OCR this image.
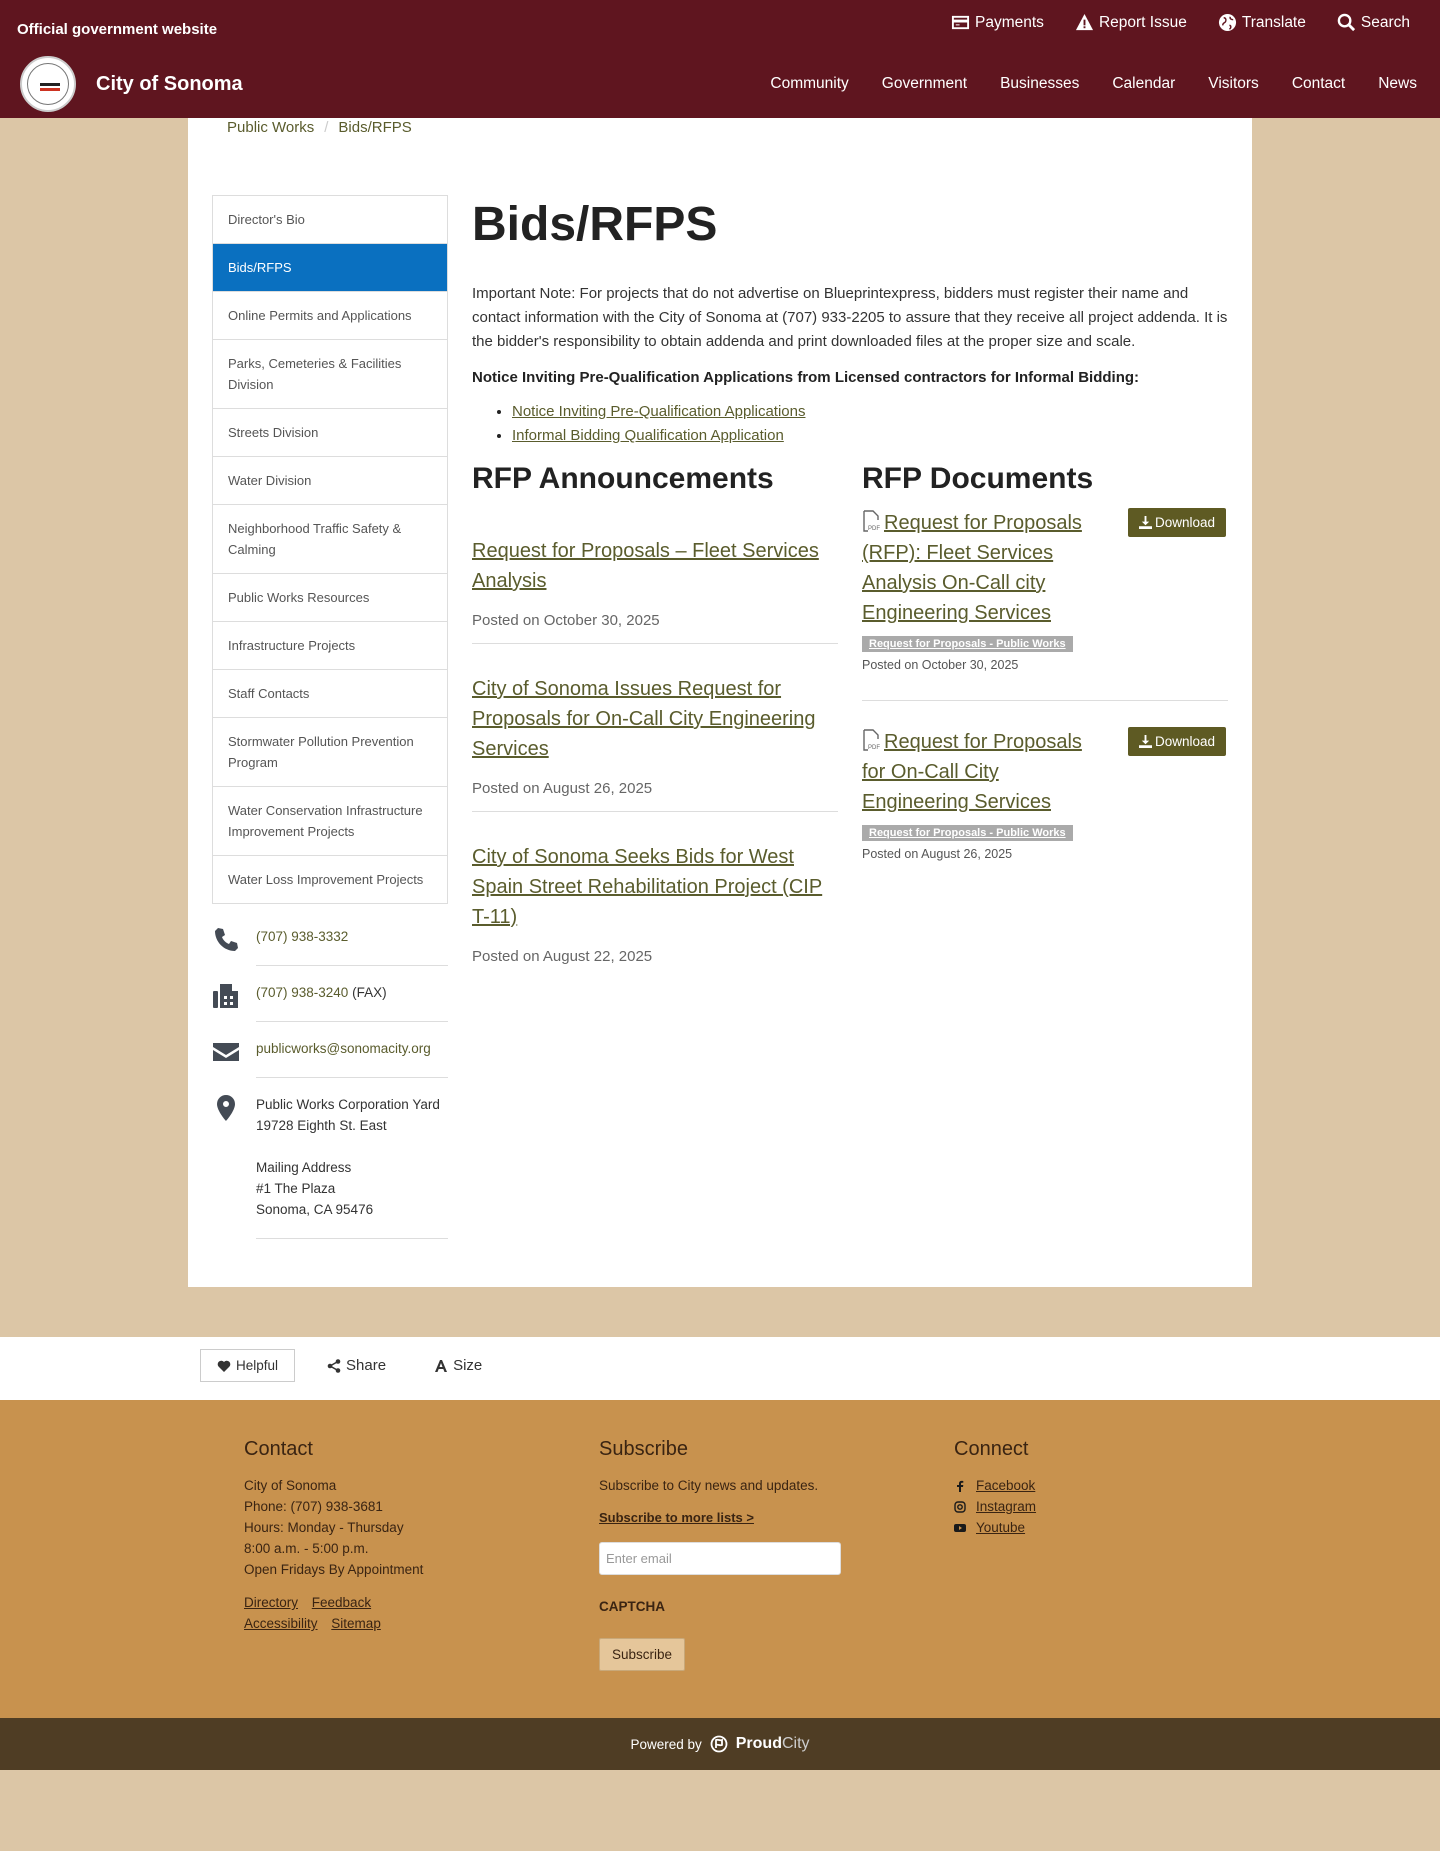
Official government website	Payments	Report Issue	Translate	Search
City of Sonoma	Community Government Businesses Calendar Visitors Contact News
Public Works / Bids/RFPS
Director's Bio
Bids/RFPS
Online Permits and Applications
Parks, Cemeteries & Facilities Division
Streets Division
Water Division
Neighborhood Traffic Safety & Calming
Public Works Resources
Infrastructure Projects
Staff Contacts
Stormwater Pollution Prevention Program
Water Conservation Infrastructure Improvement Projects
Water Loss Improvement Projects
(707) 938-3332
(707) 938-3240 (FAX)
publicworks@sonomacity.org
Public Works Corporation Yard
19728 Eighth St. East
Mailing Address
#1 The Plaza
Sonoma, CA 95476
Bids/RFPS

Important Note: For projects that do not advertise on Blueprintexpress, bidders must register their name and contact information with the City of Sonoma at (707) 933-2205 to assure that they receive all project addenda. It is the bidder's responsibility to obtain addenda and print downloaded files at the proper size and scale.

Notice Inviting Pre-Qualification Applications from Licensed contractors for Informal Bidding:

• Notice Inviting Pre-Qualification Applications
• Informal Bidding Qualification Application
RFP Announcements
Request for Proposals – Fleet Services Analysis
Posted on October 30, 2025
City of Sonoma Issues Request for Proposals for On-Call City Engineering Services
Posted on August 26, 2025
City of Sonoma Seeks Bids for West Spain Street Rehabilitation Project (CIP T-11)
Posted on August 22, 2025
RFP Documents
PDF Request for Proposals (RFP): Fleet Services Analysis On-Call city Engineering Services
Download
Request for Proposals - Public Works
Posted on October 30, 2025
PDF Request for Proposals for On-Call City Engineering Services
Download
Request for Proposals - Public Works
Posted on August 26, 2025
Helpful	Share	Size
Contact

City of Sonoma

Phone: (707) 938-3681

Hours: Monday - Thursday

8:00 a.m. - 5:00 p.m.

Open Fridays By Appointment

Directory Feedback
Accessibility Sitemap
Subscribe

Subscribe to City news and updates.

Subscribe to more lists >
Enter email
CAPTCHA
Subscribe
Connect
Facebook
Instagram
Youtube
Powered by ProudCity
